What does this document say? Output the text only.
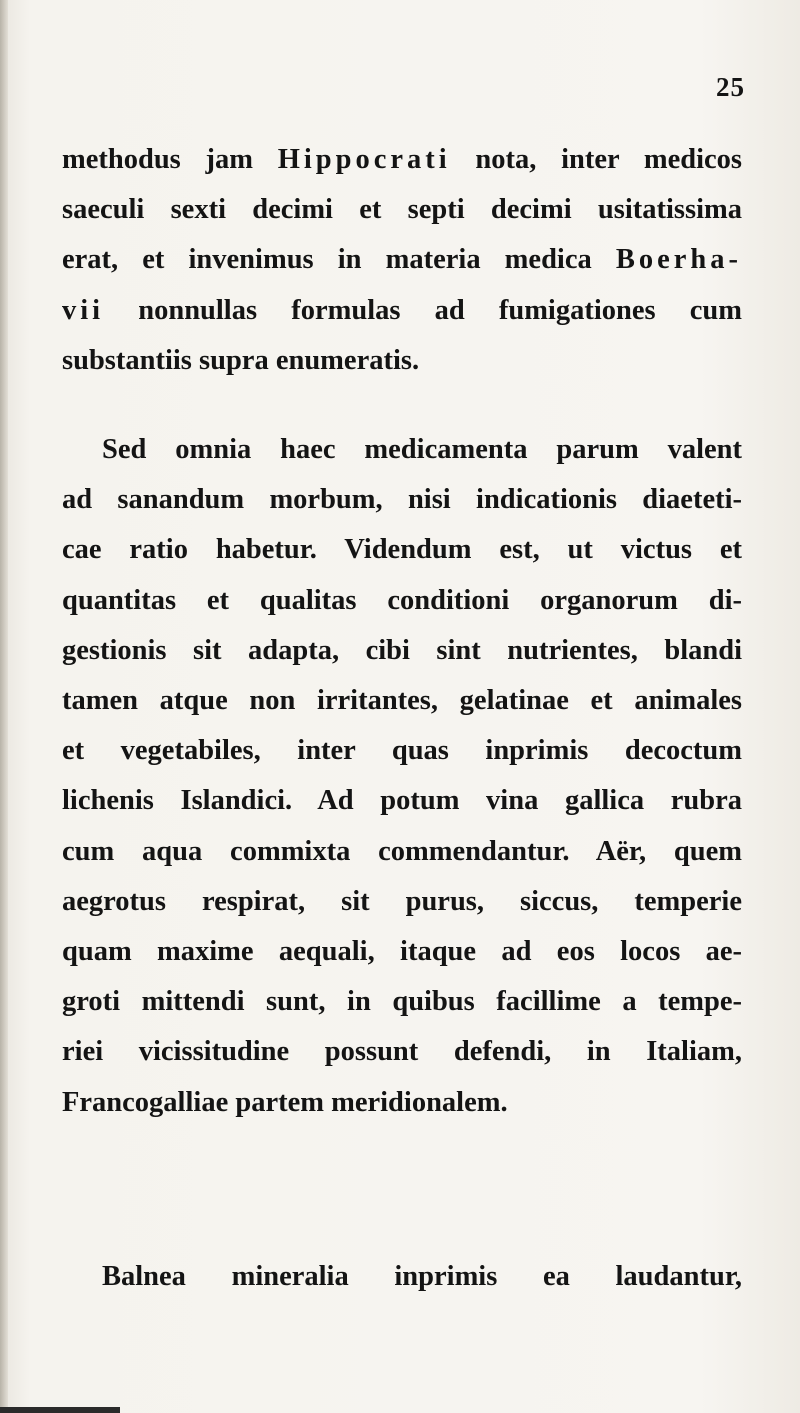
25
methodus jam Hippocrati nota, inter medicos
saeculi sexti decimi et septi decimi usitatissima
erat, et invenimus in materia medica Boerha-
vii nonnullas formulas ad fumigationes cum
substantiis supra enumeratis.
Sed omnia haec medicamenta parum valent
ad sanandum morbum, nisi indicationis diaeteti-
cae ratio habetur. Videndum est, ut victus et
quantitas et qualitas conditioni organorum di-
gestionis sit adapta, cibi sint nutrientes, blandi
tamen atque non irritantes, gelatinae et animales
et vegetabiles, inter quas inprimis decoctum
lichenis Islandici. Ad potum vina gallica rubra
cum aqua commixta commendantur. Aër, quem
aegrotus respirat, sit purus, siccus, temperie
quam maxime aequali, itaque ad eos locos ae-
groti mittendi sunt, in quibus facillime a tempe-
riei vicissitudine possunt defendi, in Italiam,
Francogalliae partem meridionalem.
Balnea mineralia inprimis ea laudantur,
